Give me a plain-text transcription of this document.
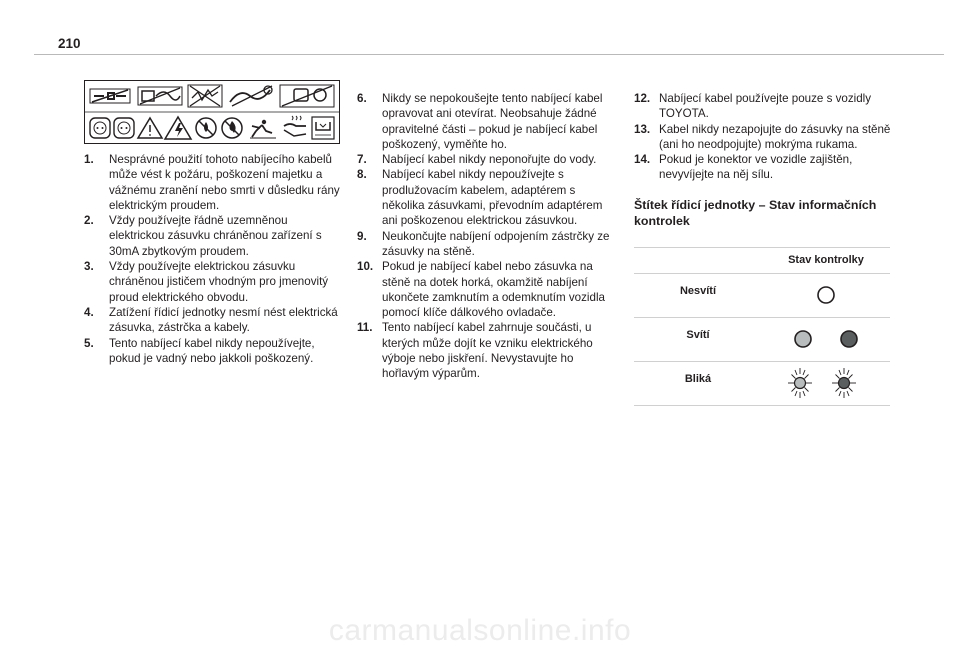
210
1.	Nesprávné použití tohoto nabíjecího kabelů může vést k požáru, poškození majetku a vážnému zranění nebo smrti v důsledku rány elektrickým proudem.
2.	Vždy používejte řádně uzemněnou elektrickou zásuvku chráněnou zařízení s 30mA zbytkovým proudem.
3.	Vždy používejte elektrickou zásuvku chráněnou jističem vhodným pro jmenovitý proud elektrického obvodu.
4.	Zatížení řídicí jednotky nesmí nést elektrická zásuvka, zástrčka a kabely.
5.	Tento nabíjecí kabel nikdy nepoužívejte, pokud je vadný nebo jakkoli poškozený.
6.	Nikdy se nepokoušejte tento nabíjecí kabel opravovat ani otevírat. Neobsahuje žádné opravitelné části – pokud je nabíjecí kabel poškozený, vyměňte ho.
7.	Nabíjecí kabel nikdy neponořujte do vody.
8.	Nabíjecí kabel nikdy nepoužívejte s prodlužovacím kabelem, adaptérem s několika zásuvkami, převodním adaptérem ani poškozenou elektrickou zásuvkou.
9.	Neukončujte nabíjení odpojením zástrčky ze zásuvky na stěně.
10. Pokud je nabíjecí kabel nebo zásuvka na stěně na dotek horká, okamžitě nabíjení ukončete zamknutím a odemknutím vozidla pomocí klíče dálkového ovladače.
11. Tento nabíjecí kabel zahrnuje součásti, u kterých může dojít ke vzniku elektrického výboje nebo jiskření. Nevystavujte ho hořlavým výparům.
12. Nabíjecí kabel používejte pouze s vozidly TOYOTA.
13. Kabel nikdy nezapojujte do zásuvky na stěně (ani ho neodpojujte) mokrýma rukama.
14. Pokud je konektor ve vozidle zajištěn, nevyvíjejte na něj sílu.
Štítek řídicí jednotky – Stav informačních kontrolek
	Stav kontrolky
Nesvítí	
Svítí	
Bliká	
carmanualsonline.info
